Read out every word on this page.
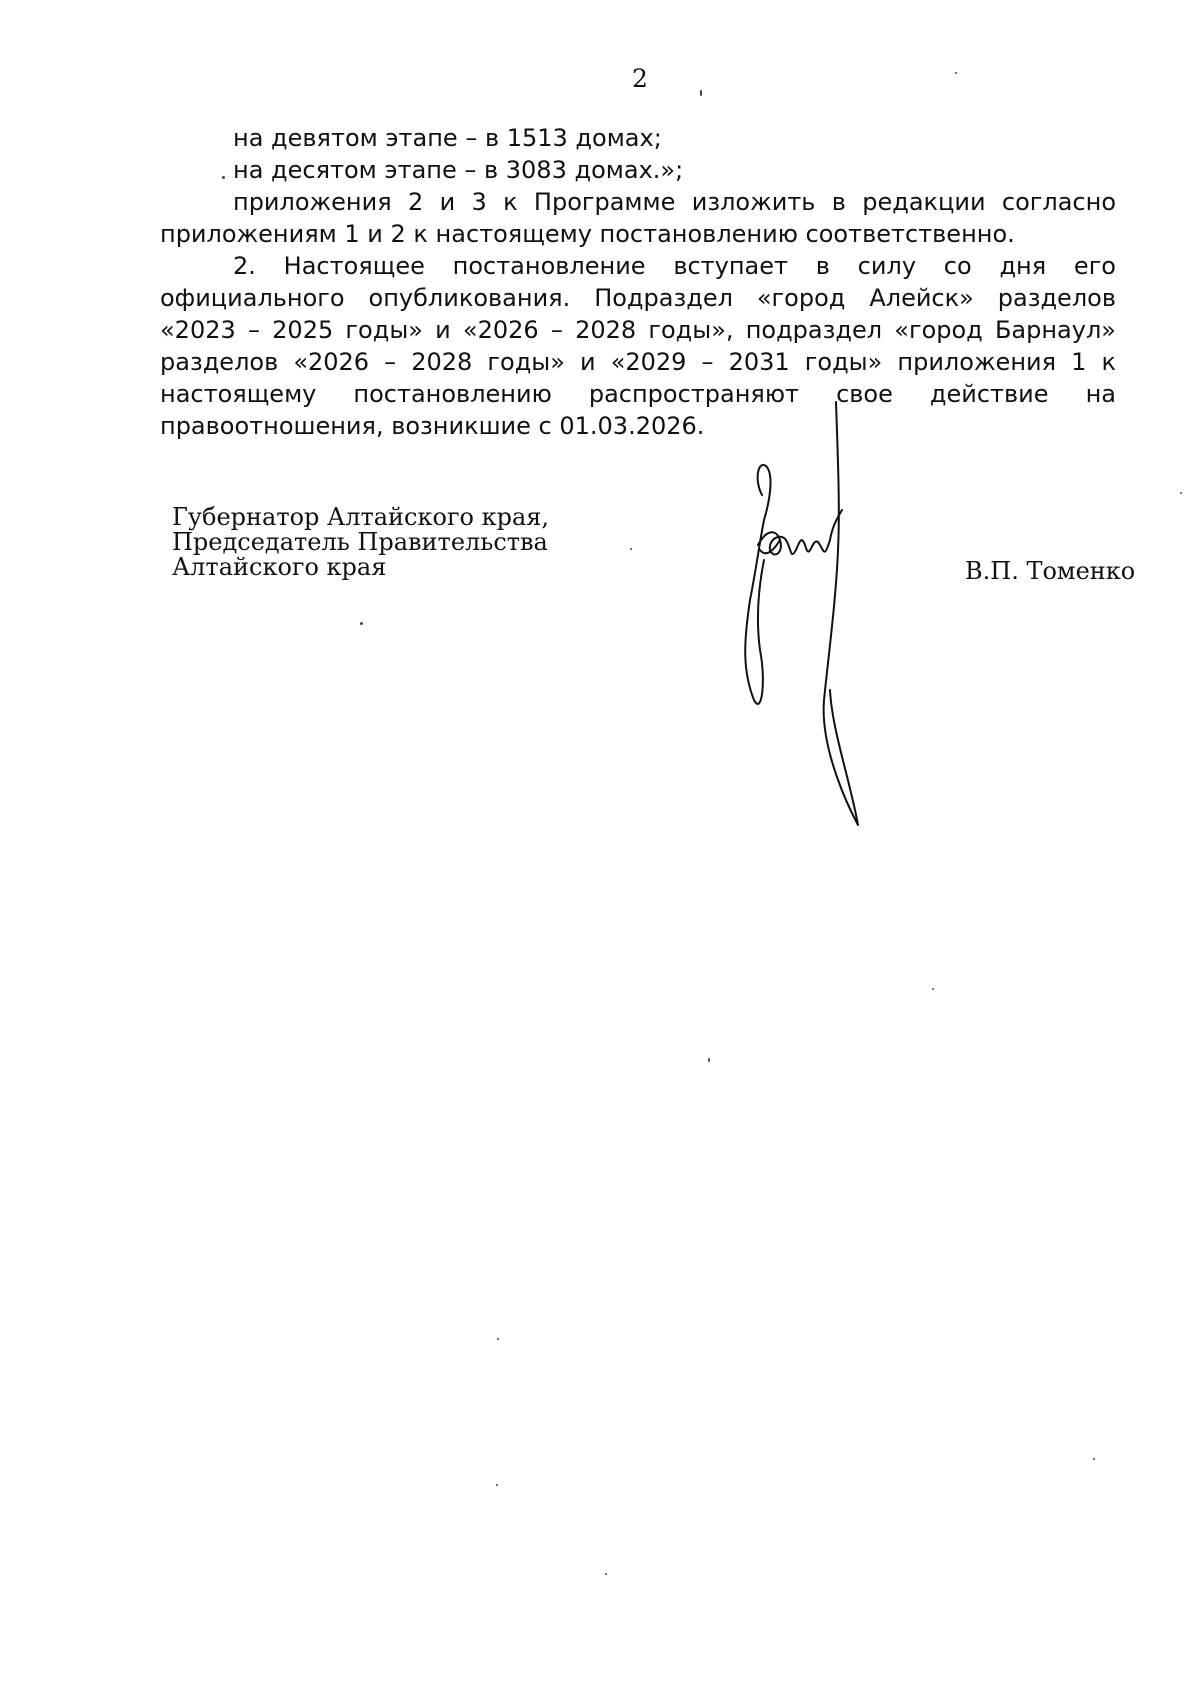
2

на девятом этапе – в 1513 домах;

на десятом этапе – в 3083 домах.»;

приложения 2 и 3 к Программе изложить в редакции согласно приложениям 1 и 2 к настоящему постановлению соответственно.

2. Настоящее постановление вступает в силу со дня его официального опубликования. Подраздел «город Алейск» разделов «2023 – 2025 годы» и «2026 – 2028 годы», подраздел «город Барнаул» разделов «2026 – 2028 годы» и «2029 – 2031 годы» приложения 1 к настоящему постановлению распространяют свое действие на правоотношения, возникшие с 01.03.2026.

Губернатор Алтайского края,
Председатель Правительства
Алтайского края	В.П. Томенко
